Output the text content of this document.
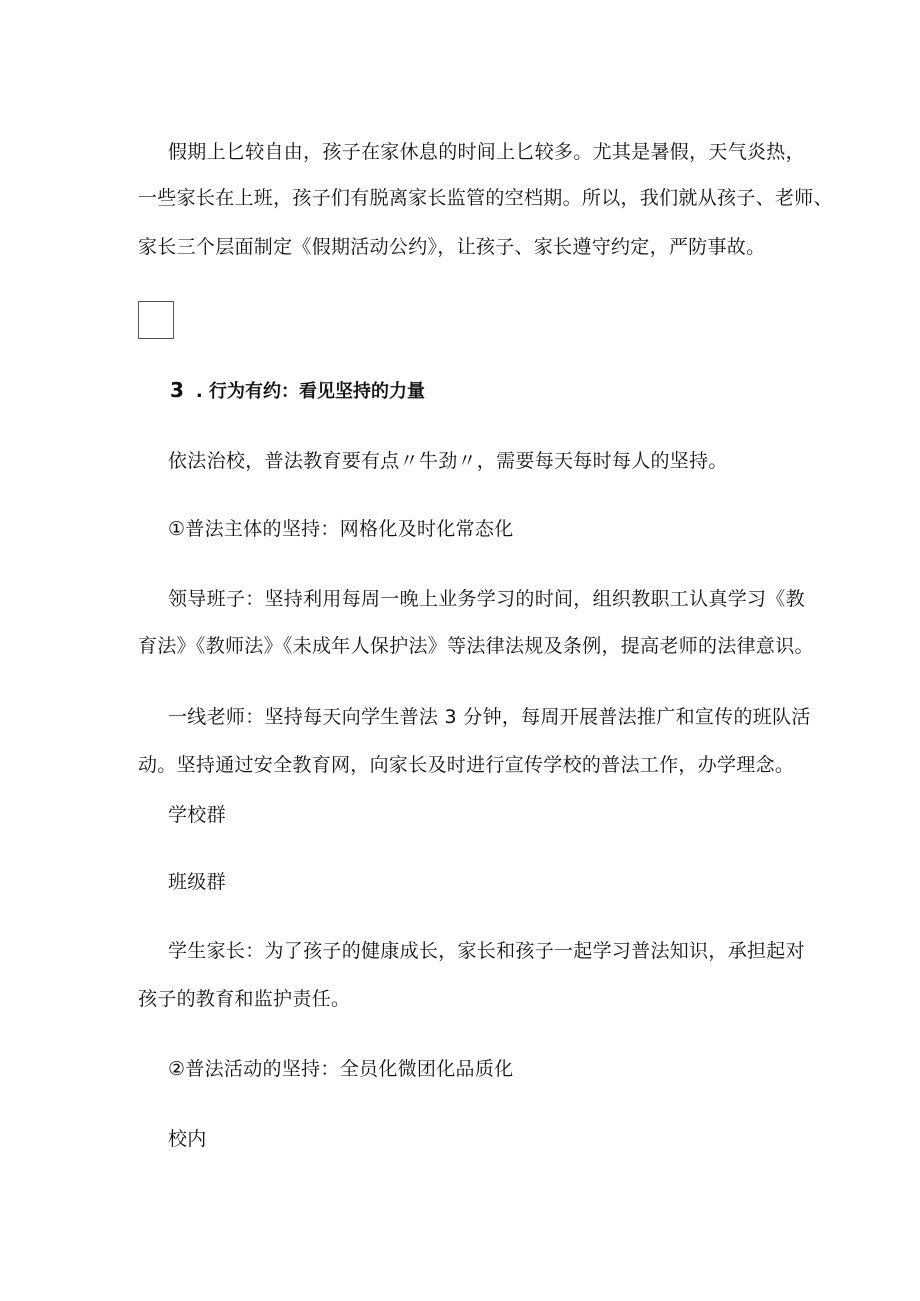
假期上匕较自由，孩子在家休息的时间上匕较多。尤其是暑假，天气炎热，
一些家长在上班，孩子们有脱离家长监管的空档期。所以，我们就从孩子、老师、
家长三个层面制定《假期活动公约》，让孩子、家长遵守约定，严防事故。
3 . 行为有约：看见坚持的力量
依法治校，普法教育要有点〃牛劲〃，需要每天每时每人的坚持。
①普法主体的坚持：网格化及时化常态化
领导班子：坚持利用每周一晚上业务学习的时间，组织教职工认真学习《教
育法》《教师法》《未成年人保护法》等法律法规及条例，提高老师的法律意识。
一线老师：坚持每天向学生普法 3 分钟，每周开展普法推广和宣传的班队活
动。坚持通过安全教育网，向家长及时进行宣传学校的普法工作，办学理念。
学校群
班级群
学生家长：为了孩子的健康成长，家长和孩子一起学习普法知识，承担起对
孩子的教育和监护责任。
②普法活动的坚持：全员化微团化品质化
校内
